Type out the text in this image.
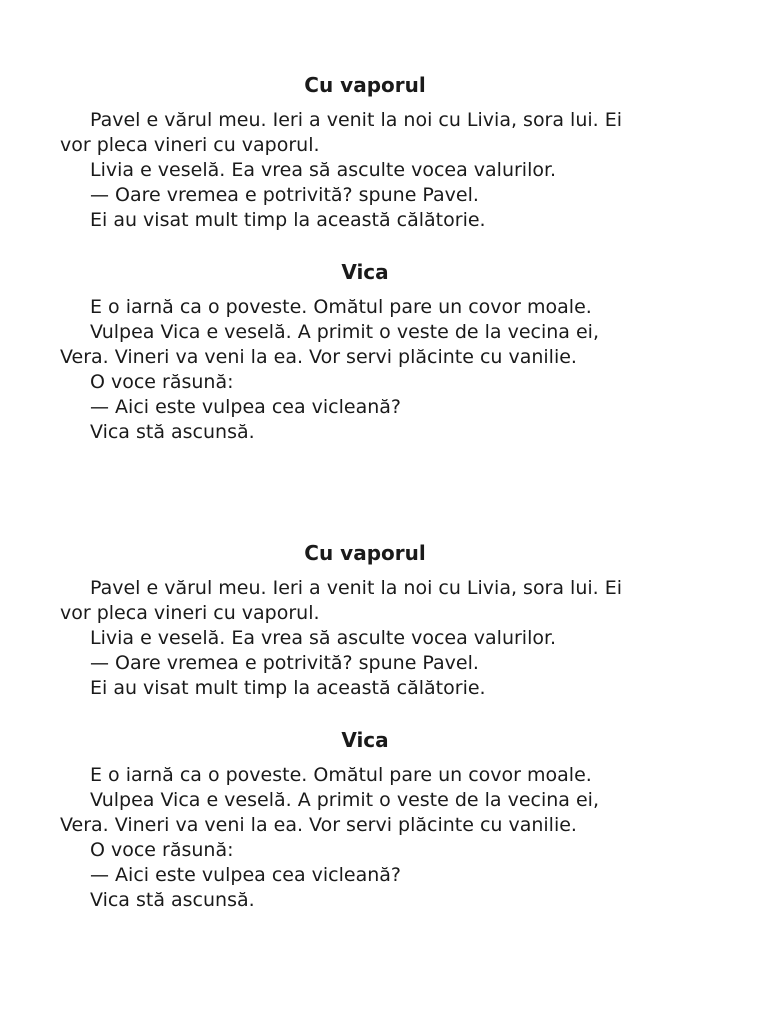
Cu vaporul

Pavel e vărul meu. Ieri a venit la noi cu Livia, sora lui. Ei
vor pleca vineri cu vaporul.

Livia e veselă. Ea vrea să asculte vocea valurilor.

— Oare vremea e potrivită? spune Pavel.

Ei au visat mult timp la această călătorie.

Vica

E o iarnă ca o poveste. Omătul pare un covor moale.

Vulpea Vica e veselă. A primit o veste de la vecina ei,
Vera. Vineri va veni la ea. Vor servi plăcinte cu vanilie.

O voce răsună:

— Aici este vulpea cea vicleană?

Vica stă ascunsă.

Cu vaporul

Pavel e vărul meu. Ieri a venit la noi cu Livia, sora lui. Ei
vor pleca vineri cu vaporul.

Livia e veselă. Ea vrea să asculte vocea valurilor.

— Oare vremea e potrivită? spune Pavel.

Ei au visat mult timp la această călătorie.

Vica

E o iarnă ca o poveste. Omătul pare un covor moale.

Vulpea Vica e veselă. A primit o veste de la vecina ei,
Vera. Vineri va veni la ea. Vor servi plăcinte cu vanilie.

O voce răsună:

— Aici este vulpea cea vicleană?

Vica stă ascunsă.
